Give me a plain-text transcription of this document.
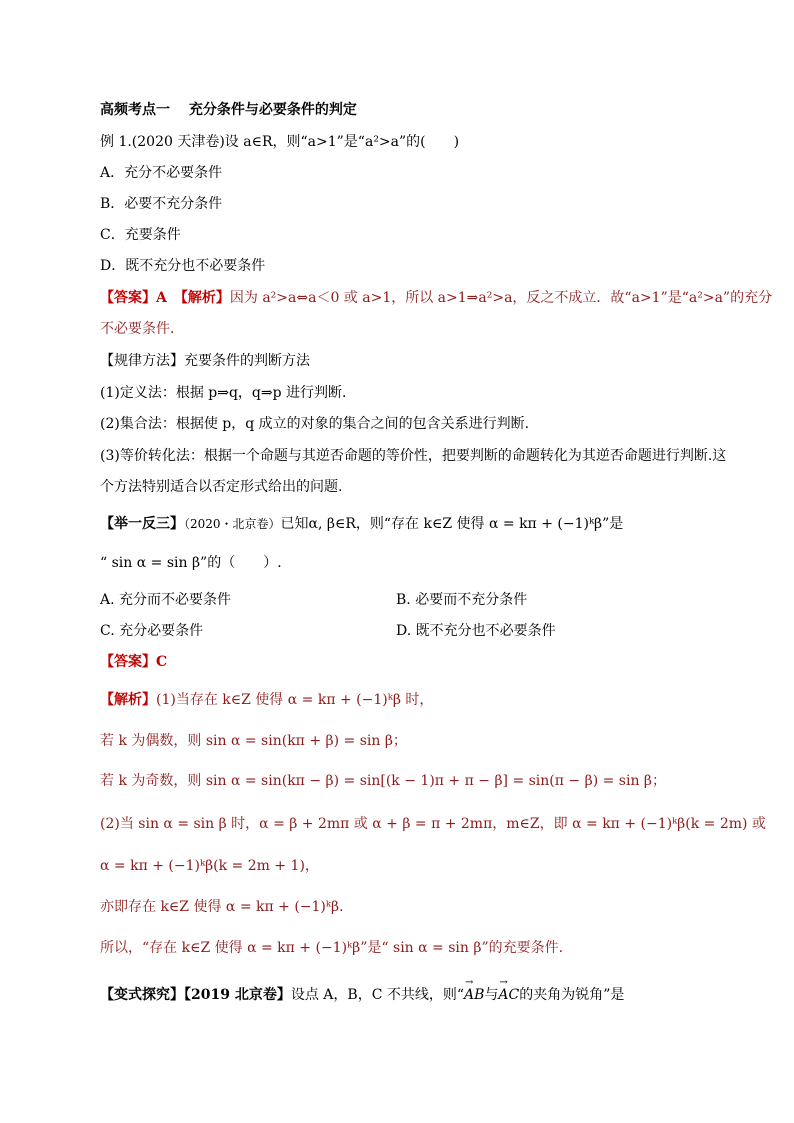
高频考点一　 充分条件与必要条件的判定
例 1.(2020 天津卷)设 a∈R，则“a>1”是“a²>a”的(　　)
A．充分不必要条件
B．必要不充分条件
C．充要条件
D．既不充分也不必要条件
【答案】A　【解析】因为 a²>a⇔a＜0 或 a>1，所以 a>1⇒a²>a，反之不成立．故“a>1”是“a²>a”的充分
不必要条件．
【规律方法】充要条件的判断方法
(1)定义法：根据 p⇒q，q⇒p 进行判断.
(2)集合法：根据使 p，q 成立的对象的集合之间的包含关系进行判断.
(3)等价转化法：根据一个命题与其逆否命题的等价性，把要判断的命题转化为其逆否命题进行判断.这
个方法特别适合以否定形式给出的问题.
【举一反三】（2020・北京卷）已知α, β∈R，则“存在 k∈Z 使得 α = kπ + (−1)ᵏβ”是
“ sin α = sin β”的（　　）.
A. 充分而不必要条件	B. 必要而不充分条件
C. 充分必要条件	D. 既不充分也不必要条件
【答案】C
【解析】(1)当存在 k∈Z 使得 α = kπ + (−1)ᵏβ 时，
若 k 为偶数，则 sin α = sin(kπ + β) = sin β；
若 k 为奇数，则 sin α = sin(kπ − β) = sin[(k − 1)π + π − β] = sin(π − β) = sin β；
(2)当 sin α = sin β 时，α = β + 2mπ 或 α + β = π + 2mπ，m∈Z，即 α = kπ + (−1)ᵏβ(k = 2m) 或
α = kπ + (−1)ᵏβ(k = 2m + 1)，
亦即存在 k∈Z 使得 α = kπ + (−1)ᵏβ．
所以，“存在 k∈Z 使得 α = kπ + (−1)ᵏβ”是“ sin α = sin β”的充要条件.
【变式探究】【2019 北京卷】设点 A，B，C 不共线，则“→ AB与→ AC的夹角为锐角”是
